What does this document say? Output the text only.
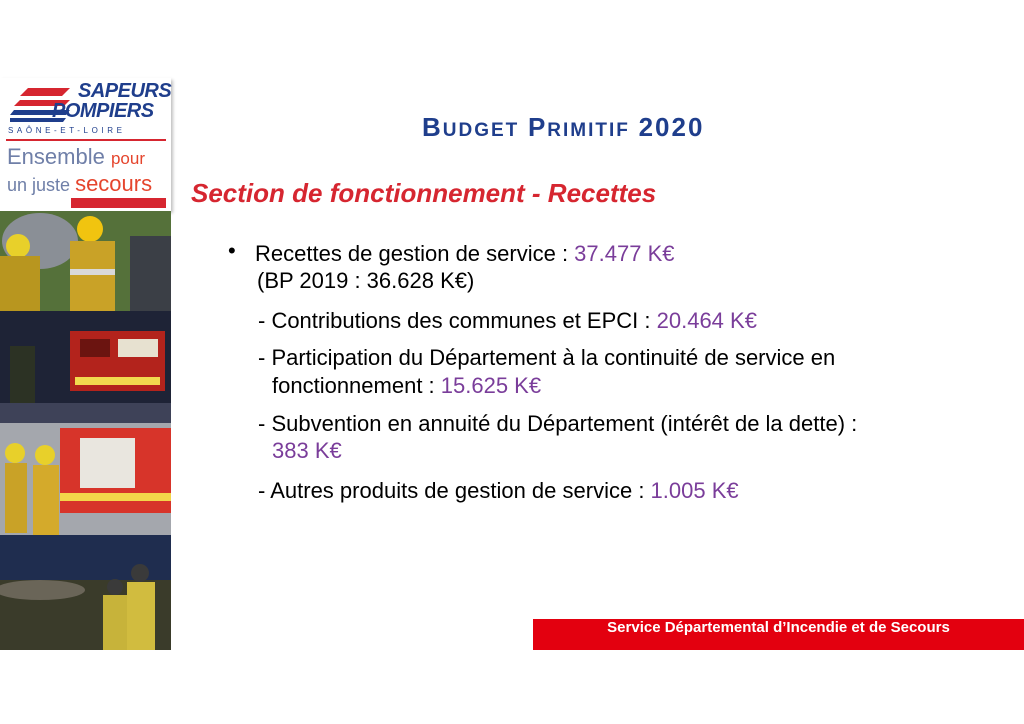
SAPEURS
POMPIERS
SAÔNE-ET-LOIRE
Ensemble pour
un juste secours
BUDGET PRIMITIF 2020
Section de fonctionnement - Recettes
• Recettes de gestion de service : 37.477 K€
(BP 2019 : 36.628 K€)
- Contributions des communes et EPCI : 20.464 K€
- Participation du Département à la continuité de service en
fonctionnement : 15.625 K€
- Subvention en annuité du Département (intérêt de la dette) :
383 K€
- Autres produits de gestion de service : 1.005 K€
Service Départemental d’Incendie et de Secours
